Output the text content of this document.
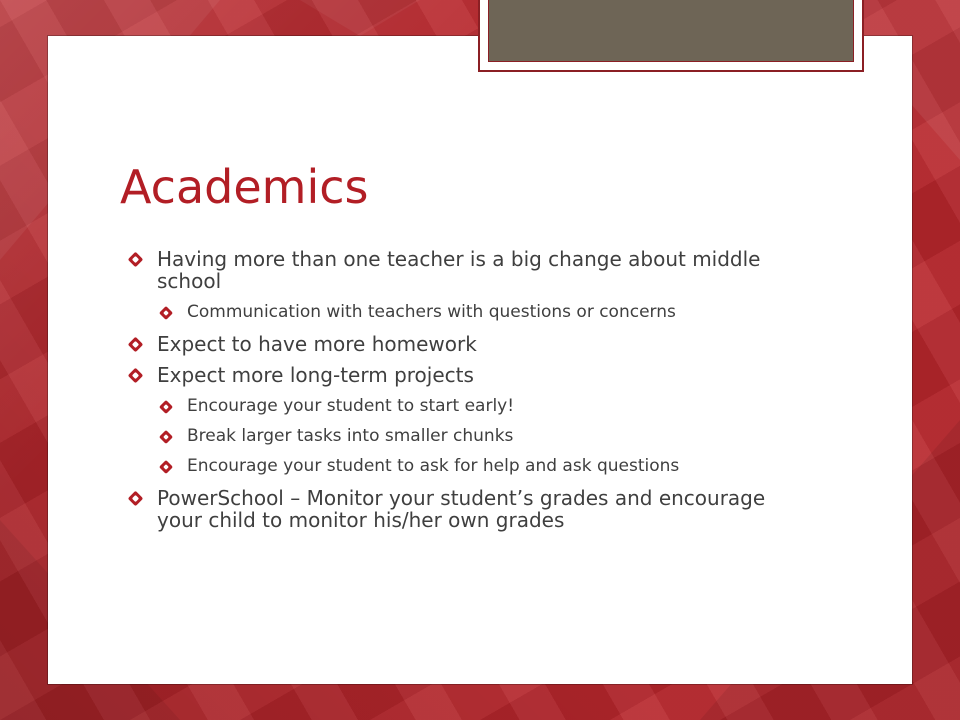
Academics
Having more than one teacher is a big change about middle school
Communication with teachers with questions or concerns
Expect to have more homework
Expect more long-term projects
Encourage your student to start early!
Break larger tasks into smaller chunks
Encourage your student to ask for help and ask questions
PowerSchool – Monitor your student’s grades and encourage your child to monitor his/her own grades
